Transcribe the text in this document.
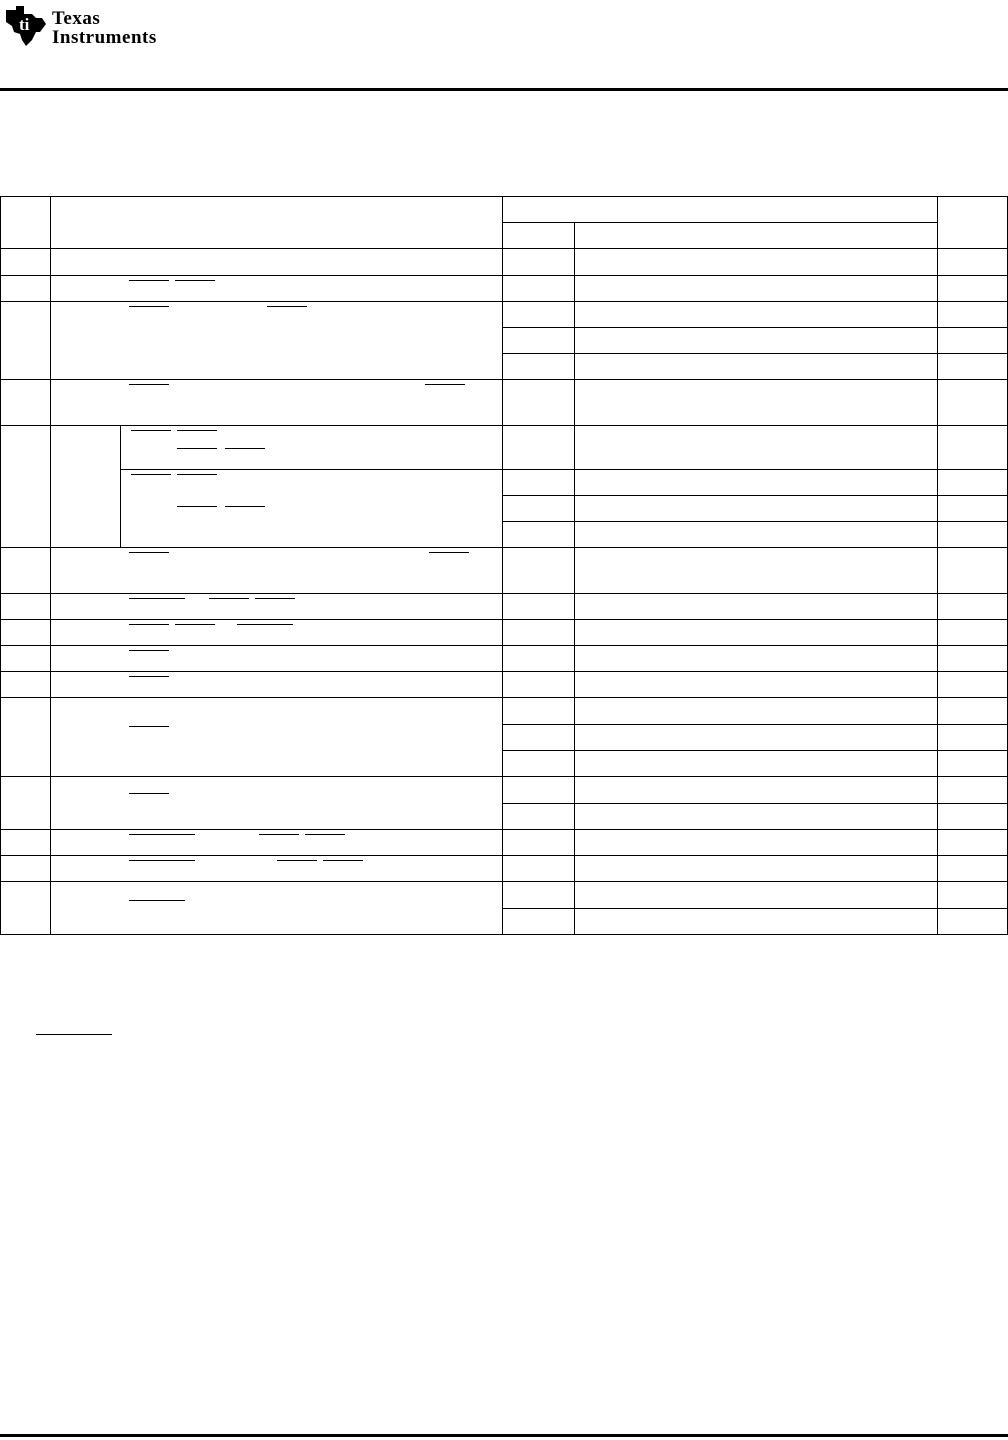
ti Texas
Instruments
